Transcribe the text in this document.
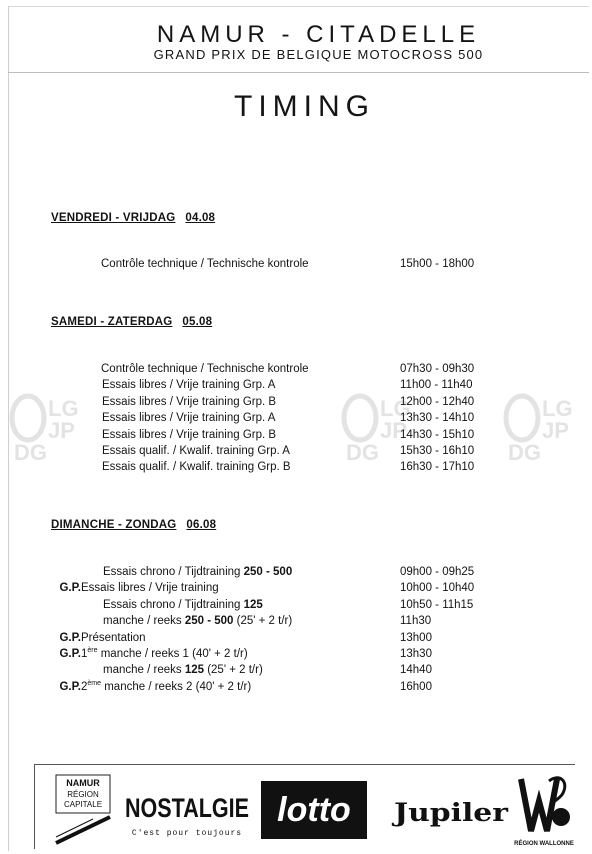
NAMUR - CITADELLE
GRAND PRIX DE BELGIQUE MOTOCROSS 500
TIMING
LG
JP
LG
JP
LG
JP
DG	DG	DG
VENDREDI - VRIJDAG 04.08
Contrôle technique / Technische kontrole	15h00 - 18h00
SAMEDI - ZATERDAG 05.08
Contrôle technique / Technische kontrole	07h30 - 09h30
Essais libres / Vrije training Grp. A	11h00 - 11h40
Essais libres / Vrije training Grp. B	12h00 - 12h40
Essais libres / Vrije training Grp. A	13h30 - 14h10
Essais libres / Vrije training Grp. B	14h30 - 15h10
Essais qualif. / Kwalif. training Grp. A	15h30 - 16h10
Essais qualif. / Kwalif. training Grp. B	16h30 - 17h10
DIMANCHE - ZONDAG 06.08
Essais chrono / Tijdtraining 250 - 500	09h00 - 09h25
G.P. Essais libres / Vrije training	10h00 - 10h40
Essais chrono / Tijdtraining 125	10h50 - 11h15
manche / reeks 250 - 500 (25' + 2 t/r)	11h30
G.P. Présentation	13h00
G.P. 1ère manche / reeks 1 (40' + 2 t/r)	13h30
manche / reeks 125 (25' + 2 t/r)	14h40
G.P. 2ème manche / reeks 2 (40' + 2 t/r)	16h00
NAMUR
RÉGION
CAPITALE NOSTALGIE
C'est pour toujours
lotto Jupiler
RÉGION WALLONNE
